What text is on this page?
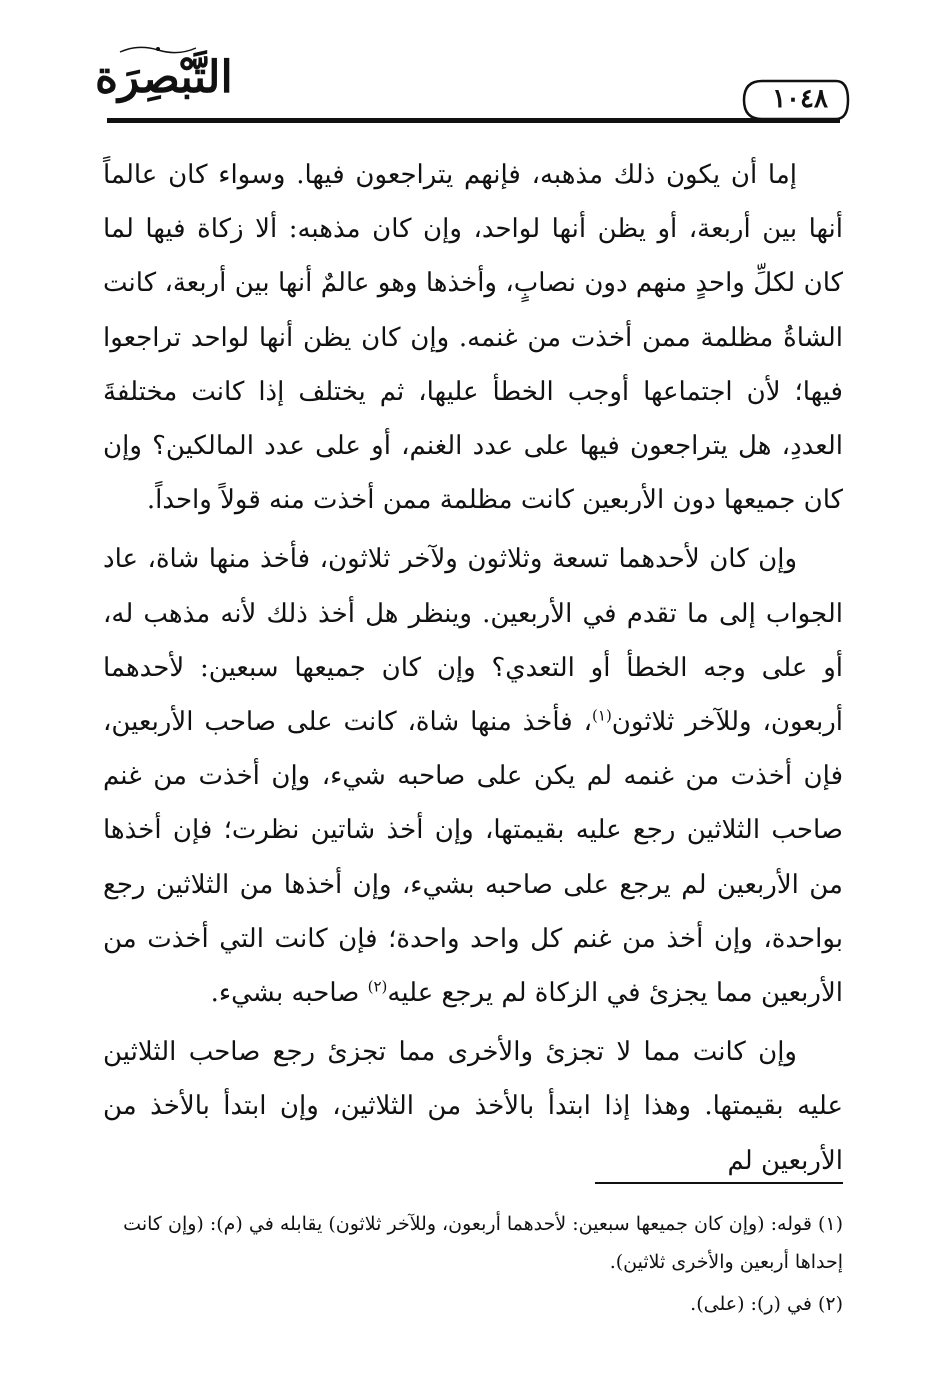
التَّبْصِرَة	١٠٤٨

إما أن يكون ذلك مذهبه، فإنهم يتراجعون فيها. وسواء كان عالماً أنها بين أربعة، أو يظن أنها لواحد، وإن كان مذهبه: ألا زكاة فيها لما كان لكلِّ واحدٍ منهم دون نصابٍ، وأخذها وهو عالمٌ أنها بين أربعة، كانت الشاةُ مظلمة ممن أخذت من غنمه. وإن كان يظن أنها لواحد تراجعوا فيها؛ لأن اجتماعها أوجب الخطأ عليها، ثم يختلف إذا كانت مختلفةَ العددِ، هل يتراجعون فيها على عدد الغنم، أو على عدد المالكين؟ وإن كان جميعها دون الأربعين كانت مظلمة ممن أخذت منه قولاً واحداً.

وإن كان لأحدهما تسعة وثلاثون ولآخر ثلاثون، فأخذ منها شاة، عاد الجواب إلى ما تقدم في الأربعين. وينظر هل أخذ ذلك لأنه مذهب له، أو على وجه الخطأ أو التعدي؟ وإن كان جميعها سبعين: لأحدهما أربعون، وللآخر ثلاثون$^{(١)}$، فأخذ منها شاة، كانت على صاحب الأربعين، فإن أخذت من غنمه لم يكن على صاحبه شيء، وإن أخذت من غنم صاحب الثلاثين رجع عليه بقيمتها، وإن أخذ شاتين نظرت؛ فإن أخذها من الأربعين لم يرجع على صاحبه بشيء، وإن أخذها من الثلاثين رجع بواحدة، وإن أخذ من غنم كل واحد واحدة؛ فإن كانت التي أخذت من الأربعين مما يجزئ في الزكاة لم يرجع عليه$^{(٢)}$ صاحبه بشيء.

وإن كانت مما لا تجزئ والأخرى مما تجزئ رجع صاحب الثلاثين عليه بقيمتها. وهذا إذا ابتدأ بالأخذ من الثلاثين، وإن ابتدأ بالأخذ من الأربعين لم

(١) قوله: (وإن كان جميعها سبعين: لأحدهما أربعون، وللآخر ثلاثون) يقابله في (م): (وإن كانت إحداها أربعين والأخرى ثلاثين).

(٢) في (ر): (على).
